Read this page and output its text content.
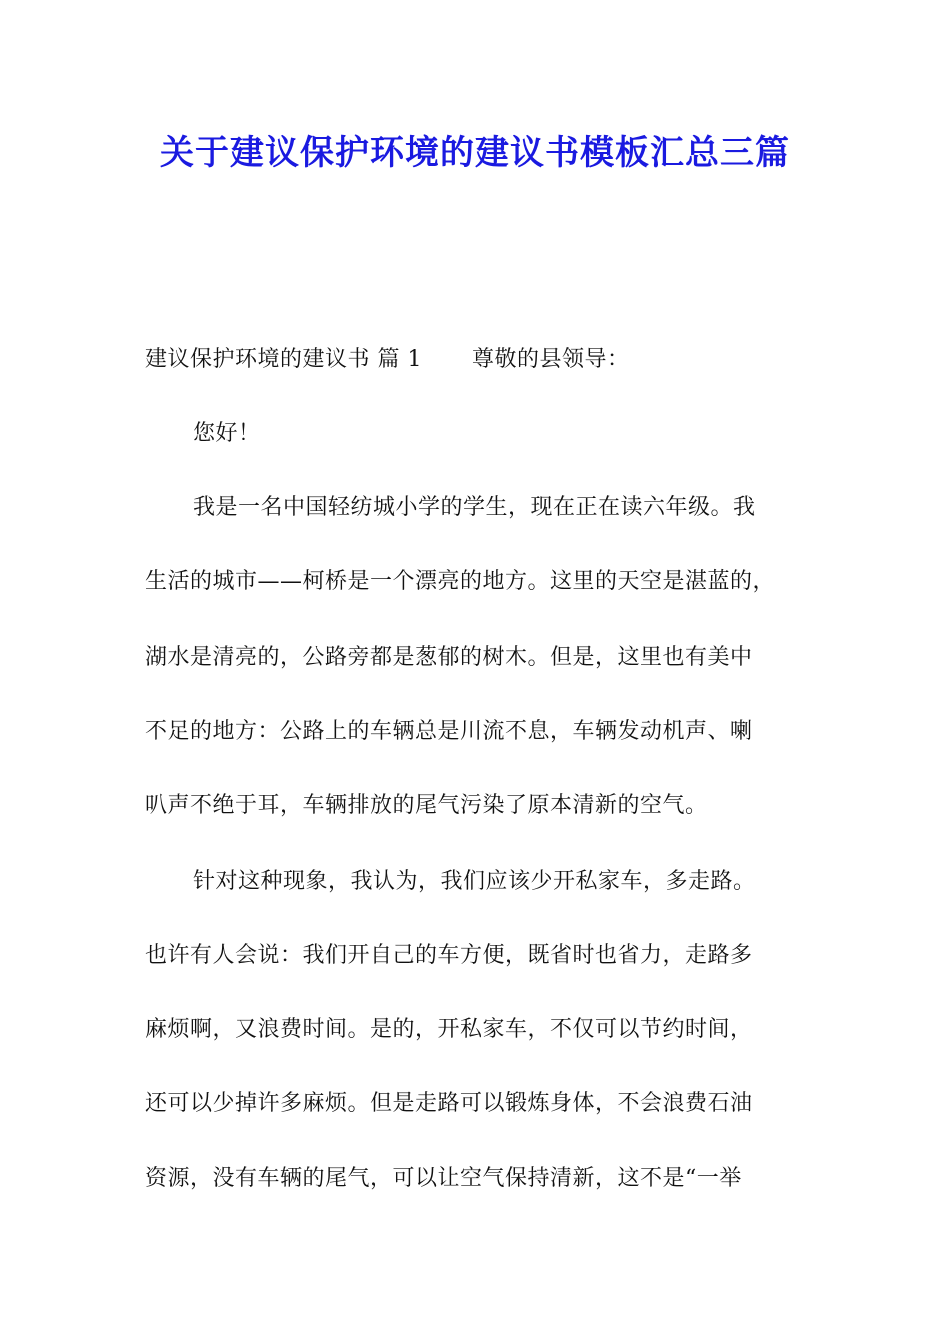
关于建议保护环境的建议书模板汇总三篇
建议保护环境的建议书 篇 1 尊敬的县领导：
您好！
我是一名中国轻纺城小学的学生，现在正在读六年级。我
生活的城市——柯桥是一个漂亮的地方。这里的天空是湛蓝的，
湖水是清亮的，公路旁都是葱郁的树木。但是，这里也有美中
不足的地方：公路上的车辆总是川流不息，车辆发动机声、喇
叭声不绝于耳，车辆排放的尾气污染了原本清新的空气。
针对这种现象，我认为，我们应该少开私家车，多走路。
也许有人会说：我们开自己的车方便，既省时也省力，走路多
麻烦啊，又浪费时间。是的，开私家车，不仅可以节约时间，
还可以少掉许多麻烦。但是走路可以锻炼身体，不会浪费石油
资源，没有车辆的尾气，可以让空气保持清新，这不是“一举
